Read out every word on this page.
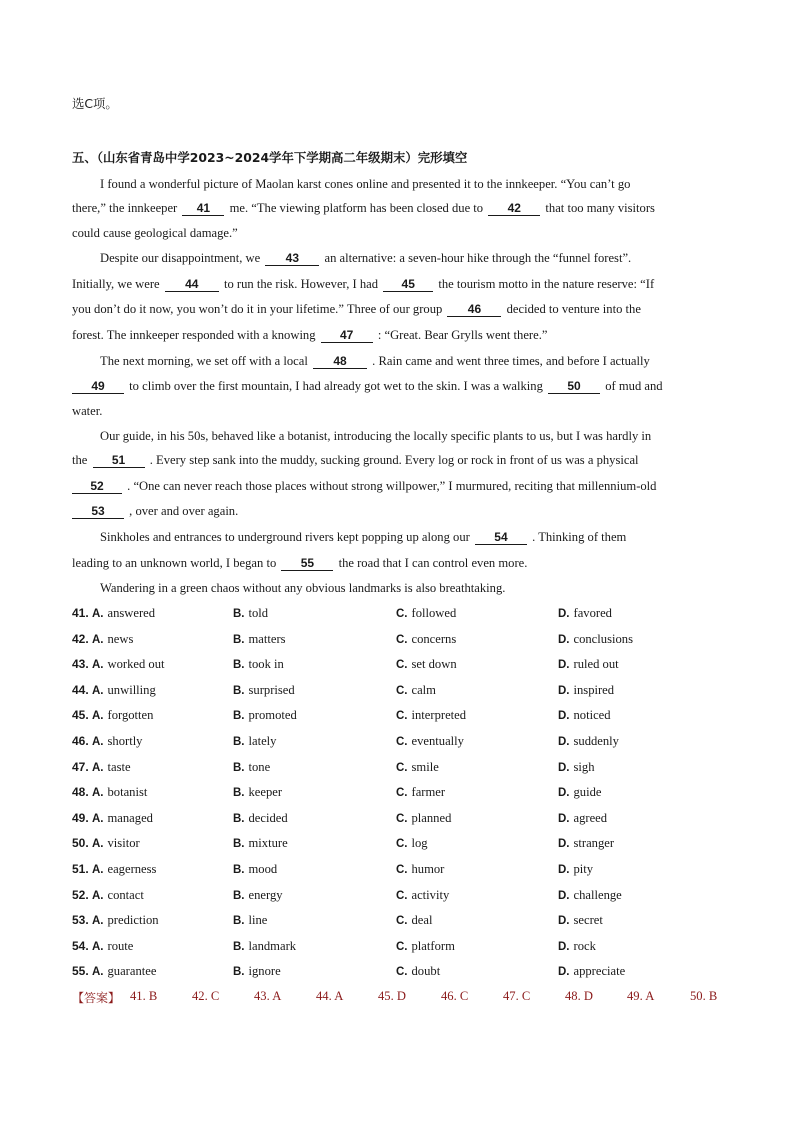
选C项。
五、（山东省青岛中学2023~2024学年下学期高二年级期末）完形填空
I found a wonderful picture of Maolan karst cones online and presented it to the innkeeper. “You can’t go
there,” the innkeeper 41 me. “The viewing platform has been closed due to 42 that too many visitors
could cause geological damage.”
Despite our disappointment, we 43 an alternative: a seven-hour hike through the “funnel forest”.
Initially, we were 44 to run the risk. However, I had 45 the tourism motto in the nature reserve: “If
you don’t do it now, you won’t do it in your lifetime.” Three of our group 46 decided to venture into the
forest. The innkeeper responded with a knowing 47 : “Great. Bear Grylls went there.”
The next morning, we set off with a local 48 . Rain came and went three times, and before I actually
49 to climb over the first mountain, I had already got wet to the skin. I was a walking 50 of mud and
water.
Our guide, in his 50s, behaved like a botanist, introducing the locally specific plants to us, but I was hardly in
the 51 . Every step sank into the muddy, sucking ground. Every log or rock in front of us was a physical
52 . “One can never reach those places without strong willpower,” I murmured, reciting that millennium-old
53 , over and over again.
Sinkholes and entrances to underground rivers kept popping up along our 54 . Thinking of them
leading to an unknown world, I began to 55 the road that I can control even more.
Wandering in a green chaos without any obvious landmarks is also breathtaking.
41. A. answered	B. told	C. followed	D. favored
42. A. news	B. matters	C. concerns	D. conclusions
43. A. worked out	B. took in	C. set down	D. ruled out
44. A. unwilling	B. surprised	C. calm	D. inspired
45. A. forgotten	B. promoted	C. interpreted	D. noticed
46. A. shortly	B. lately	C. eventually	D. suddenly
47. A. taste	B. tone	C. smile	D. sigh
48. A. botanist	B. keeper	C. farmer	D. guide
49. A. managed	B. decided	C. planned	D. agreed
50. A. visitor	B. mixture	C. log	D. stranger
51. A. eagerness	B. mood	C. humor	D. pity
52. A. contact	B. energy	C. activity	D. challenge
53. A. prediction	B. line	C. deal	D. secret
54. A. route	B. landmark	C. platform	D. rock
55. A. guarantee	B. ignore	C. doubt	D. appreciate
【答案】 41. B	42. C	43. A	44. A	45. D	46. C	47. C	48. D	49. A	50. B
